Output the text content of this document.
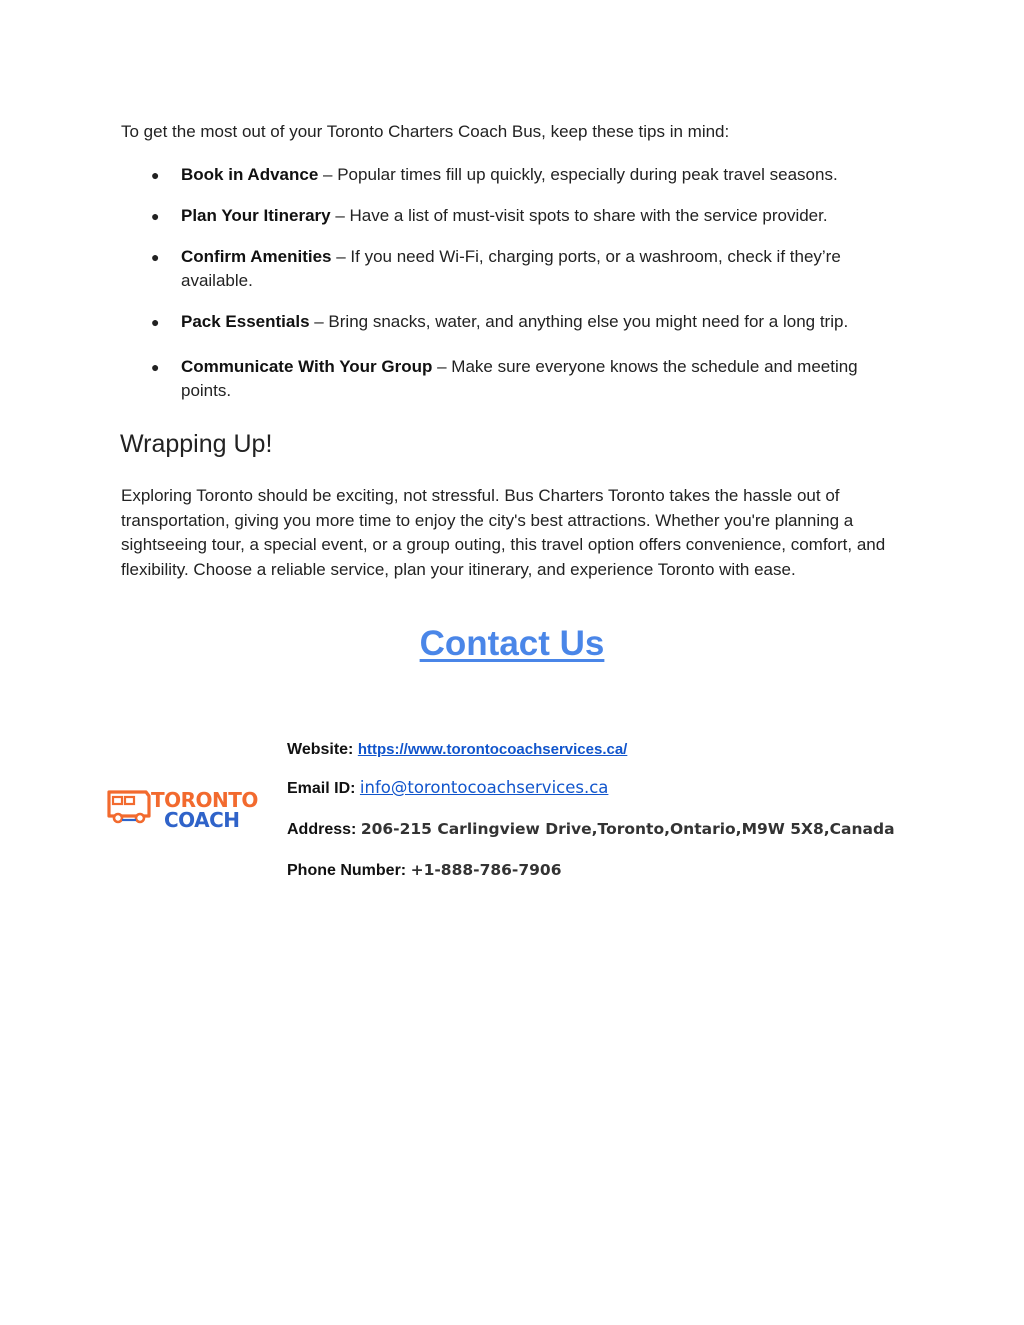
To get the most out of your Toronto Charters Coach Bus, keep these tips in mind:

● Book in Advance – Popular times fill up quickly, especially during peak travel seasons.
● Plan Your Itinerary – Have a list of must-visit spots to share with the service provider.
● Confirm Amenities – If you need Wi-Fi, charging ports, or a washroom, check if they’re available.
● Pack Essentials – Bring snacks, water, and anything else you might need for a long trip.
● Communicate With Your Group – Make sure everyone knows the schedule and meeting points.
Wrapping Up!

Exploring Toronto should be exciting, not stressful. Bus Charters Toronto takes the hassle out of transportation, giving you more time to enjoy the city's best attractions. Whether you're planning a sightseeing tour, a special event, or a group outing, this travel option offers convenience, comfort, and flexibility. Choose a reliable service, plan your itinerary, and experience Toronto with ease.

Contact Us
TORONTO
COACH
Website: https://www.torontocoachservices.ca/
Email ID: info@torontocoachservices.ca
Address: 206-215 Carlingview Drive,Toronto,Ontario,M9W 5X8,Canada
Phone Number: +1-888-786-7906
